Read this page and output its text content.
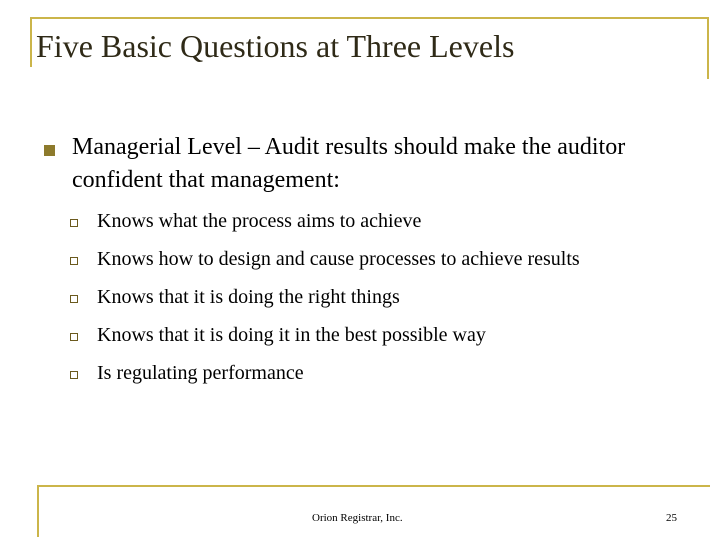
Five Basic Questions at Three Levels
Managerial Level – Audit results should make the auditor confident that management:
Knows what the process aims to achieve
Knows how to design and cause processes to achieve results
Knows that it is doing the right things
Knows that it is doing it in the best possible way
Is regulating performance
Orion Registrar, Inc.	25
